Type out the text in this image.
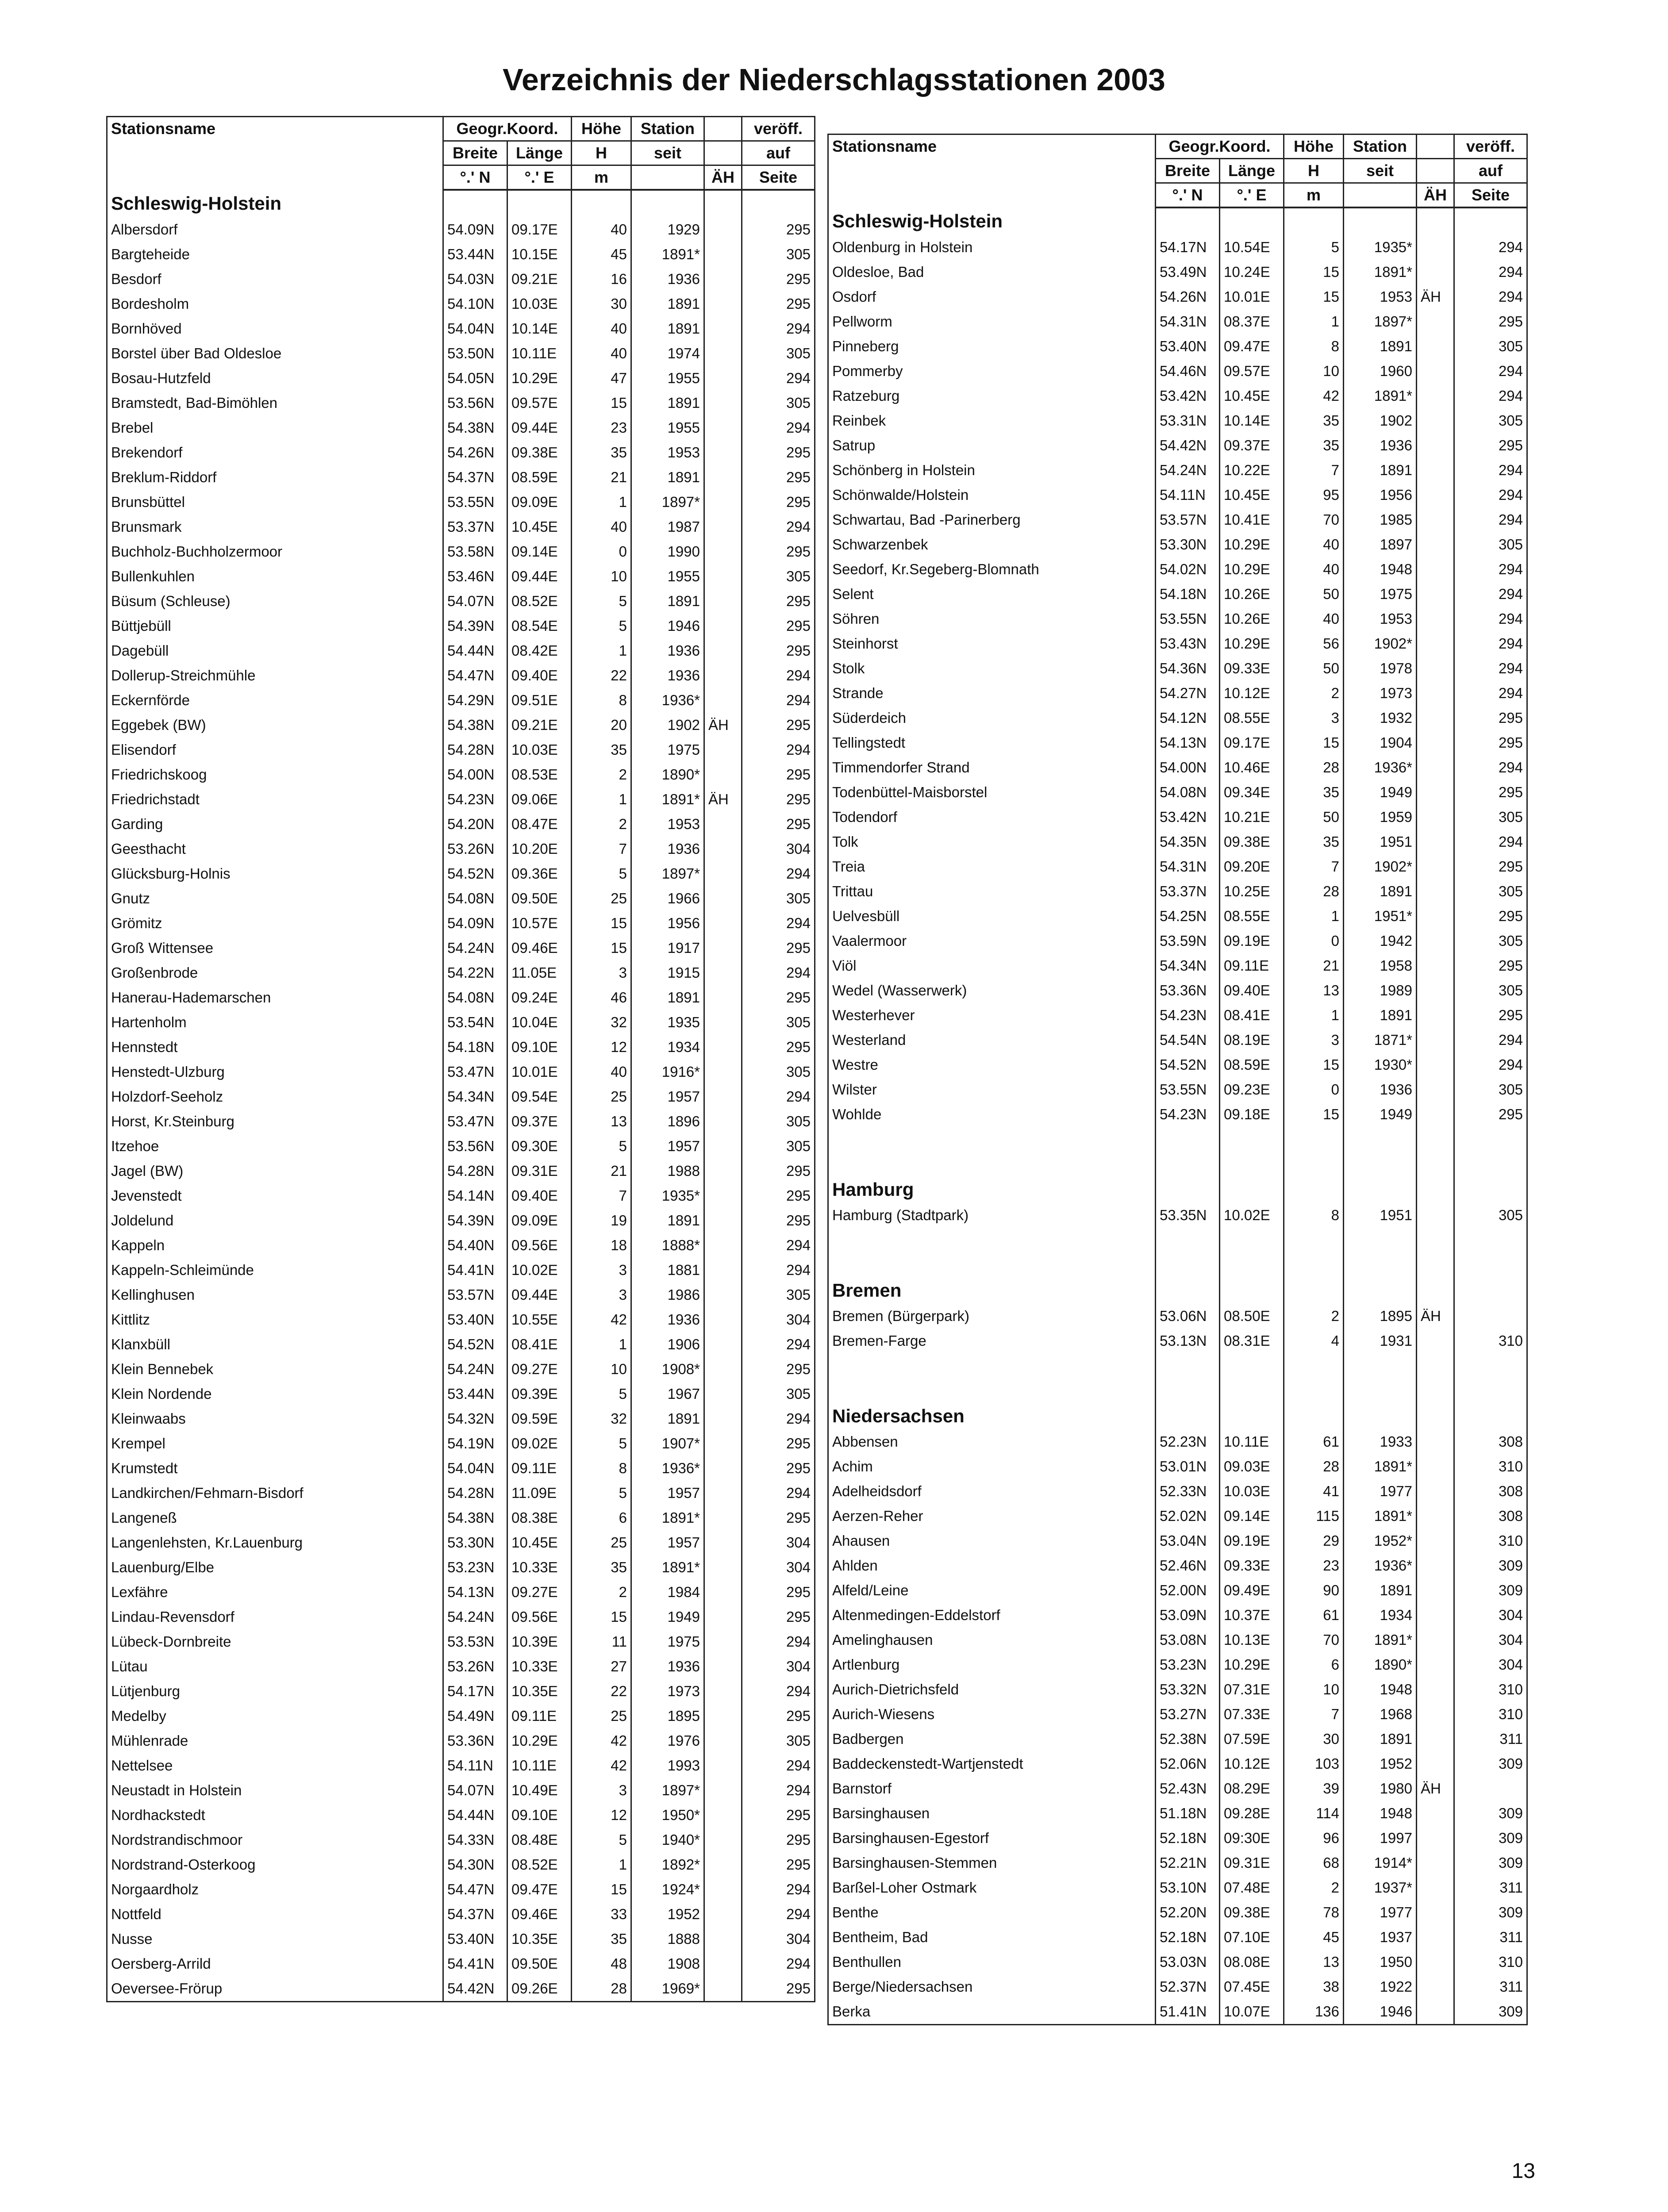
Verzeichnis der Niederschlagsstationen 2003
Stationsname	Geogr.Koord.		Höhe	Station		veröff.
	Breite	Länge	H	seit		auf
	°.' N	°.' E	m		ÄH	Seite
Schleswig-Holstein						
Albersdorf	54.09N	09.17E	40	1929		295
Bargteheide	53.44N	10.15E	45	1891*		305
Besdorf	54.03N	09.21E	16	1936		295
Bordesholm	54.10N	10.03E	30	1891		295
Bornhöved	54.04N	10.14E	40	1891		294
Borstel über Bad Oldesloe	53.50N	10.11E	40	1974		305
Bosau-Hutzfeld	54.05N	10.29E	47	1955		294
Bramstedt, Bad-Bimöhlen	53.56N	09.57E	15	1891		305
Brebel	54.38N	09.44E	23	1955		294
Brekendorf	54.26N	09.38E	35	1953		295
Breklum-Riddorf	54.37N	08.59E	21	1891		295
Brunsbüttel	53.55N	09.09E	1	1897*		295
Brunsmark	53.37N	10.45E	40	1987		294
Buchholz-Buchholzermoor	53.58N	09.14E	0	1990		295
Bullenkuhlen	53.46N	09.44E	10	1955		305
Büsum (Schleuse)	54.07N	08.52E	5	1891		295
Büttjebüll	54.39N	08.54E	5	1946		295
Dagebüll	54.44N	08.42E	1	1936		295
Dollerup-Streichmühle	54.47N	09.40E	22	1936		294
Eckernförde	54.29N	09.51E	8	1936*		294
Eggebek (BW)	54.38N	09.21E	20	1902	ÄH	295
Elisendorf	54.28N	10.03E	35	1975		294
Friedrichskoog	54.00N	08.53E	2	1890*		295
Friedrichstadt	54.23N	09.06E	1	1891*	ÄH	295
Garding	54.20N	08.47E	2	1953		295
Geesthacht	53.26N	10.20E	7	1936		304
Glücksburg-Holnis	54.52N	09.36E	5	1897*		294
Gnutz	54.08N	09.50E	25	1966		305
Grömitz	54.09N	10.57E	15	1956		294
Groß Wittensee	54.24N	09.46E	15	1917		295
Großenbrode	54.22N	11.05E	3	1915		294
Hanerau-Hademarschen	54.08N	09.24E	46	1891		295
Hartenholm	53.54N	10.04E	32	1935		305
Hennstedt	54.18N	09.10E	12	1934		295
Henstedt-Ulzburg	53.47N	10.01E	40	1916*		305
Holzdorf-Seeholz	54.34N	09.54E	25	1957		294
Horst, Kr.Steinburg	53.47N	09.37E	13	1896		305
Itzehoe	53.56N	09.30E	5	1957		305
Jagel (BW)	54.28N	09.31E	21	1988		295
Jevenstedt	54.14N	09.40E	7	1935*		295
Joldelund	54.39N	09.09E	19	1891		295
Kappeln	54.40N	09.56E	18	1888*		294
Kappeln-Schleimünde	54.41N	10.02E	3	1881		294
Kellinghusen	53.57N	09.44E	3	1986		305
Kittlitz	53.40N	10.55E	42	1936		304
Klanxbüll	54.52N	08.41E	1	1906		294
Klein Bennebek	54.24N	09.27E	10	1908*		295
Klein Nordende	53.44N	09.39E	5	1967		305
Kleinwaabs	54.32N	09.59E	32	1891		294
Krempel	54.19N	09.02E	5	1907*		295
Krumstedt	54.04N	09.11E	8	1936*		295
Landkirchen/Fehmarn-Bisdorf	54.28N	11.09E	5	1957		294
Langeneß	54.38N	08.38E	6	1891*		295
Langenlehsten, Kr.Lauenburg	53.30N	10.45E	25	1957		304
Lauenburg/Elbe	53.23N	10.33E	35	1891*		304
Lexfähre	54.13N	09.27E	2	1984		295
Lindau-Revensdorf	54.24N	09.56E	15	1949		295
Lübeck-Dornbreite	53.53N	10.39E	11	1975		294
Lütau	53.26N	10.33E	27	1936		304
Lütjenburg	54.17N	10.35E	22	1973		294
Medelby	54.49N	09.11E	25	1895		295
Mühlenrade	53.36N	10.29E	42	1976		305
Nettelsee	54.11N	10.11E	42	1993		294
Neustadt in Holstein	54.07N	10.49E	3	1897*		294
Nordhackstedt	54.44N	09.10E	12	1950*		295
Nordstrandischmoor	54.33N	08.48E	5	1940*		295
Nordstrand-Osterkoog	54.30N	08.52E	1	1892*		295
Norgaardholz	54.47N	09.47E	15	1924*		294
Nottfeld	54.37N	09.46E	33	1952		294
Nusse	53.40N	10.35E	35	1888		304
Oersberg-Arrild	54.41N	09.50E	48	1908		294
Oeversee-Frörup	54.42N	09.26E	28	1969*		295
Stationsname	Geogr.Koord.		Höhe	Station		veröff.
	Breite	Länge	H	seit		auf
	°.' N	°.' E	m		ÄH	Seite
Schleswig-Holstein						
Oldenburg in Holstein	54.17N	10.54E	5	1935*		294
Oldesloe, Bad	53.49N	10.24E	15	1891*		294
Osdorf	54.26N	10.01E	15	1953	ÄH	294
Pellworm	54.31N	08.37E	1	1897*		295
Pinneberg	53.40N	09.47E	8	1891		305
Pommerby	54.46N	09.57E	10	1960		294
Ratzeburg	53.42N	10.45E	42	1891*		294
Reinbek	53.31N	10.14E	35	1902		305
Satrup	54.42N	09.37E	35	1936		295
Schönberg in Holstein	54.24N	10.22E	7	1891		294
Schönwalde/Holstein	54.11N	10.45E	95	1956		294
Schwartau, Bad -Parinerberg	53.57N	10.41E	70	1985		294
Schwarzenbek	53.30N	10.29E	40	1897		305
Seedorf, Kr.Segeberg-Blomnath	54.02N	10.29E	40	1948		294
Selent	54.18N	10.26E	50	1975		294
Söhren	53.55N	10.26E	40	1953		294
Steinhorst	53.43N	10.29E	56	1902*		294
Stolk	54.36N	09.33E	50	1978		294
Strande	54.27N	10.12E	2	1973		294
Süderdeich	54.12N	08.55E	3	1932		295
Tellingstedt	54.13N	09.17E	15	1904		295
Timmendorfer Strand	54.00N	10.46E	28	1936*		294
Todenbüttel-Maisborstel	54.08N	09.34E	35	1949		295
Todendorf	53.42N	10.21E	50	1959		305
Tolk	54.35N	09.38E	35	1951		294
Treia	54.31N	09.20E	7	1902*		295
Trittau	53.37N	10.25E	28	1891		305
Uelvesbüll	54.25N	08.55E	1	1951*		295
Vaalermoor	53.59N	09.19E	0	1942		305
Viöl	54.34N	09.11E	21	1958		295
Wedel (Wasserwerk)	53.36N	09.40E	13	1989		305
Westerhever	54.23N	08.41E	1	1891		295
Westerland	54.54N	08.19E	3	1871*		294
Westre	54.52N	08.59E	15	1930*		294
Wilster	53.55N	09.23E	0	1936		305
Wohlde	54.23N	09.18E	15	1949		295

Hamburg						
Hamburg (Stadtpark)	53.35N	10.02E	8	1951		305

Bremen						
Bremen (Bürgerpark)	53.06N	08.50E	2	1895	ÄH	
Bremen-Farge	53.13N	08.31E	4	1931		310

Niedersachsen						
Abbensen	52.23N	10.11E	61	1933		308
Achim	53.01N	09.03E	28	1891*		310
Adelheidsdorf	52.33N	10.03E	41	1977		308
Aerzen-Reher	52.02N	09.14E	115	1891*		308
Ahausen	53.04N	09.19E	29	1952*		310
Ahlden	52.46N	09.33E	23	1936*		309
Alfeld/Leine	52.00N	09.49E	90	1891		309
Altenmedingen-Eddelstorf	53.09N	10.37E	61	1934		304
Amelinghausen	53.08N	10.13E	70	1891*		304
Artlenburg	53.23N	10.29E	6	1890*		304
Aurich-Dietrichsfeld	53.32N	07.31E	10	1948		310
Aurich-Wiesens	53.27N	07.33E	7	1968		310
Badbergen	52.38N	07.59E	30	1891		311
Baddeckenstedt-Wartjenstedt	52.06N	10.12E	103	1952		309
Barnstorf	52.43N	08.29E	39	1980	ÄH	
Barsinghausen	51.18N	09.28E	114	1948		309
Barsinghausen-Egestorf	52.18N	09:30E	96	1997		309
Barsinghausen-Stemmen	52.21N	09.31E	68	1914*		309
Barßel-Loher Ostmark	53.10N	07.48E	2	1937*		311
Benthe	52.20N	09.38E	78	1977		309
Bentheim, Bad	52.18N	07.10E	45	1937		311
Benthullen	53.03N	08.08E	13	1950		310
Berge/Niedersachsen	52.37N	07.45E	38	1922		311
Berka	51.41N	10.07E	136	1946		309
13
